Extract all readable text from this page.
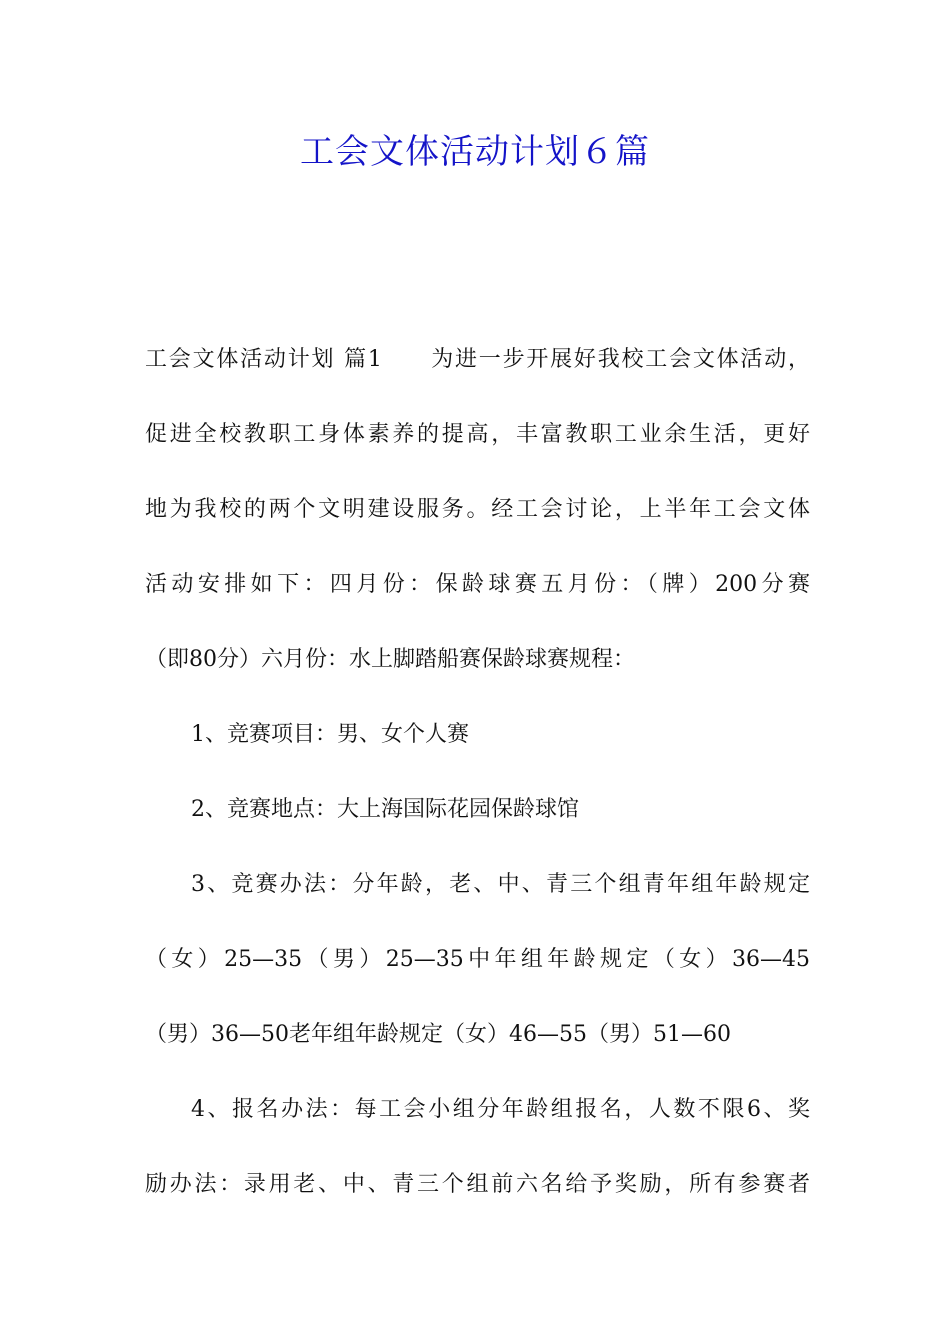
工会文体活动计划６篇
工会文体活动计划 篇1　　为进一步开展好我校工会文体活动，
促进全校教职工身体素养的提高，丰富教职工业余生活，更好
地为我校的两个文明建设服务。经工会讨论，上半年工会文体
活动安排如下：四月份：保龄球赛五月份：（牌）200分赛
（即80分）六月份：水上脚踏船赛保龄球赛规程：
1、竞赛项目：男、女个人赛
2、竞赛地点：大上海国际花园保龄球馆
3、竞赛办法：分年龄，老、中、青三个组青年组年龄规定
（女）25—35（男）25—35中年组年龄规定（女）36—45
（男）36—50老年组年龄规定（女）46—55（男）51—60
4、报名办法：每工会小组分年龄组报名，人数不限6、奖
励办法：录用老、中、青三个组前六名给予奖励，所有参赛者
